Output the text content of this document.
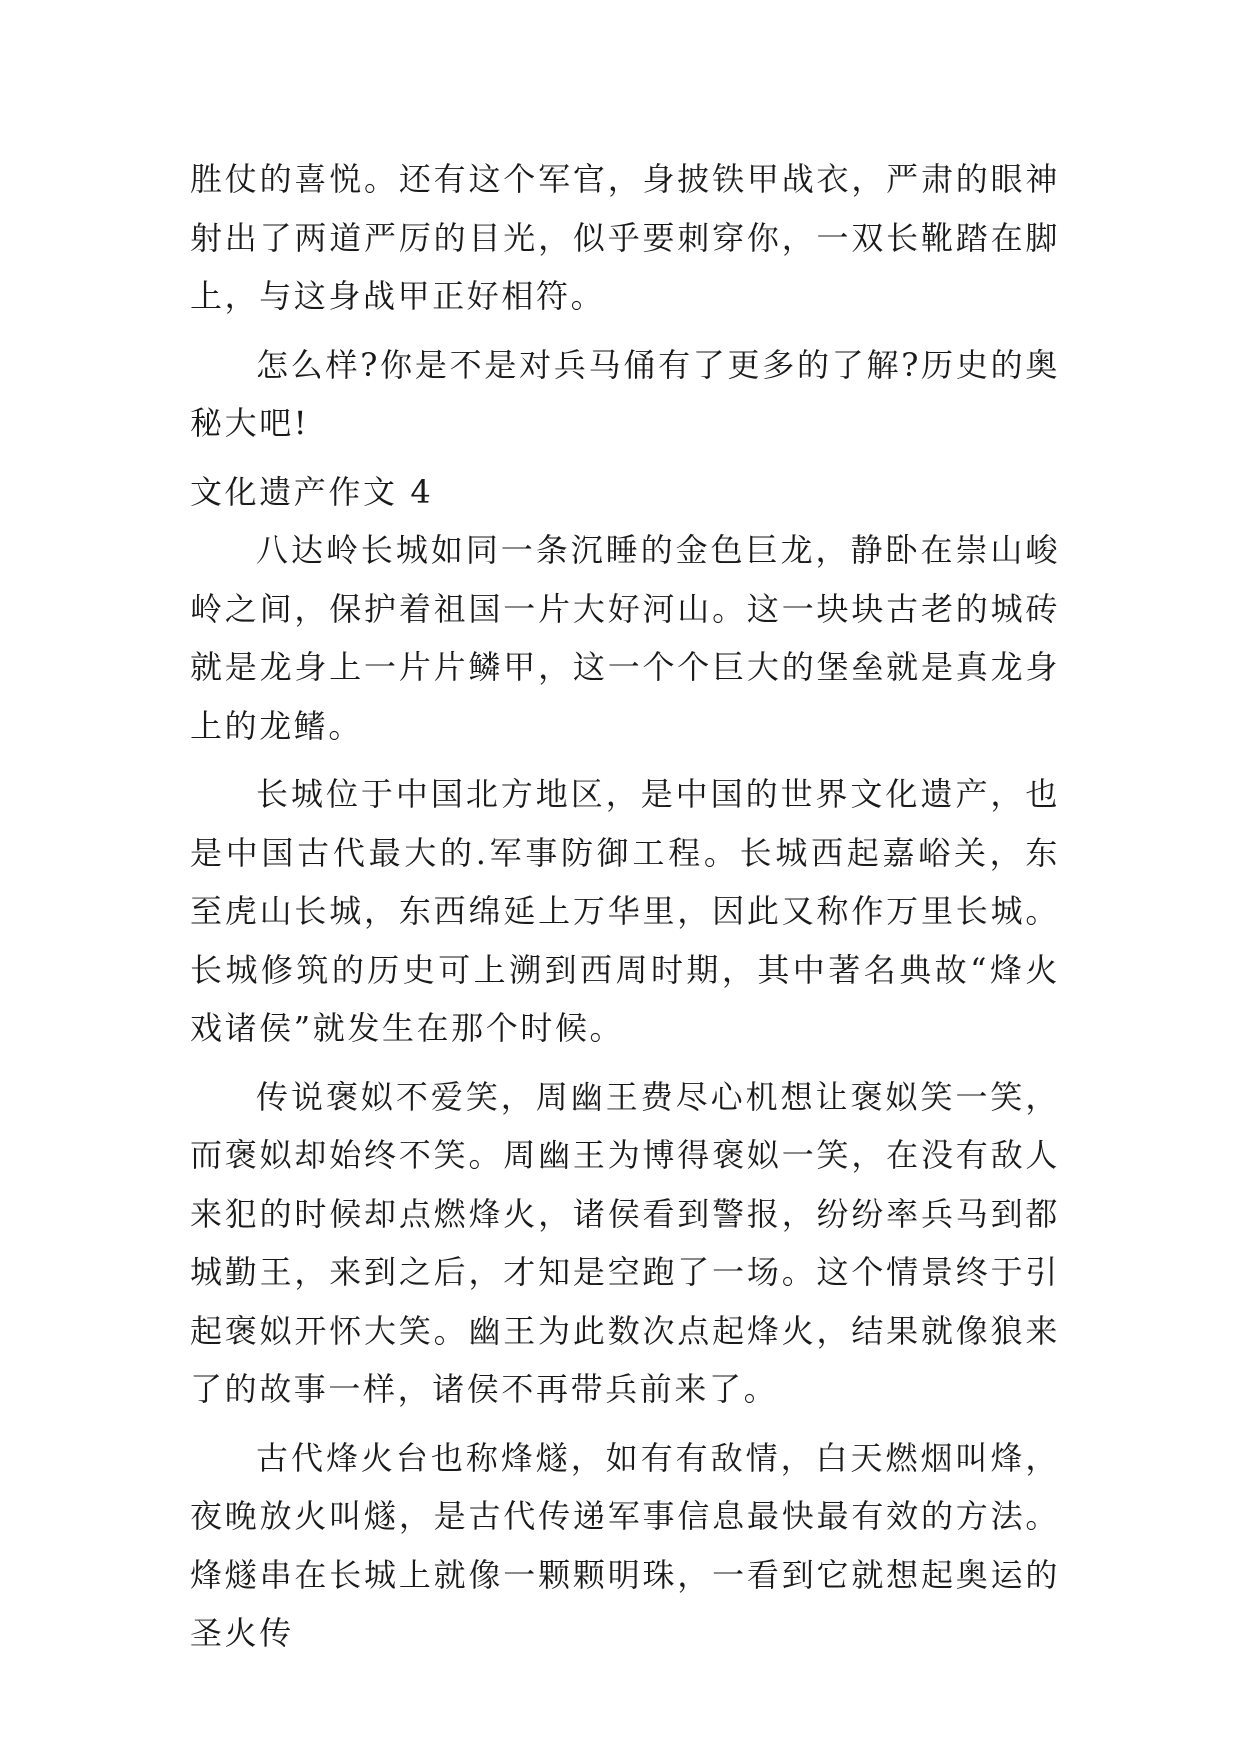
胜仗的喜悦。还有这个军官，身披铁甲战衣，严肃的眼神射出了两道严厉的目光，似乎要刺穿你，一双长靴踏在脚上，与这身战甲正好相符。

怎么样?你是不是对兵马俑有了更多的了解?历史的奥秘大吧!

文化遗产作文 4

八达岭长城如同一条沉睡的金色巨龙，静卧在崇山峻岭之间，保护着祖国一片大好河山。这一块块古老的城砖就是龙身上一片片鳞甲，这一个个巨大的堡垒就是真龙身上的龙鳍。

长城位于中国北方地区，是中国的世界文化遗产，也是中国古代最大的.军事防御工程。长城西起嘉峪关，东至虎山长城，东西绵延上万华里，因此又称作万里长城。长城修筑的历史可上溯到西周时期，其中著名典故“烽火戏诸侯”就发生在那个时候。

传说褒姒不爱笑，周幽王费尽心机想让褒姒笑一笑，而褒姒却始终不笑。周幽王为博得褒姒一笑，在没有敌人来犯的时候却点燃烽火，诸侯看到警报，纷纷率兵马到都城勤王，来到之后，才知是空跑了一场。这个情景终于引起褒姒开怀大笑。幽王为此数次点起烽火，结果就像狼来了的故事一样，诸侯不再带兵前来了。

古代烽火台也称烽燧，如有有敌情，白天燃烟叫烽，夜晚放火叫燧，是古代传递军事信息最快最有效的方法。烽燧串在长城上就像一颗颗明珠，一看到它就想起奥运的圣火传
